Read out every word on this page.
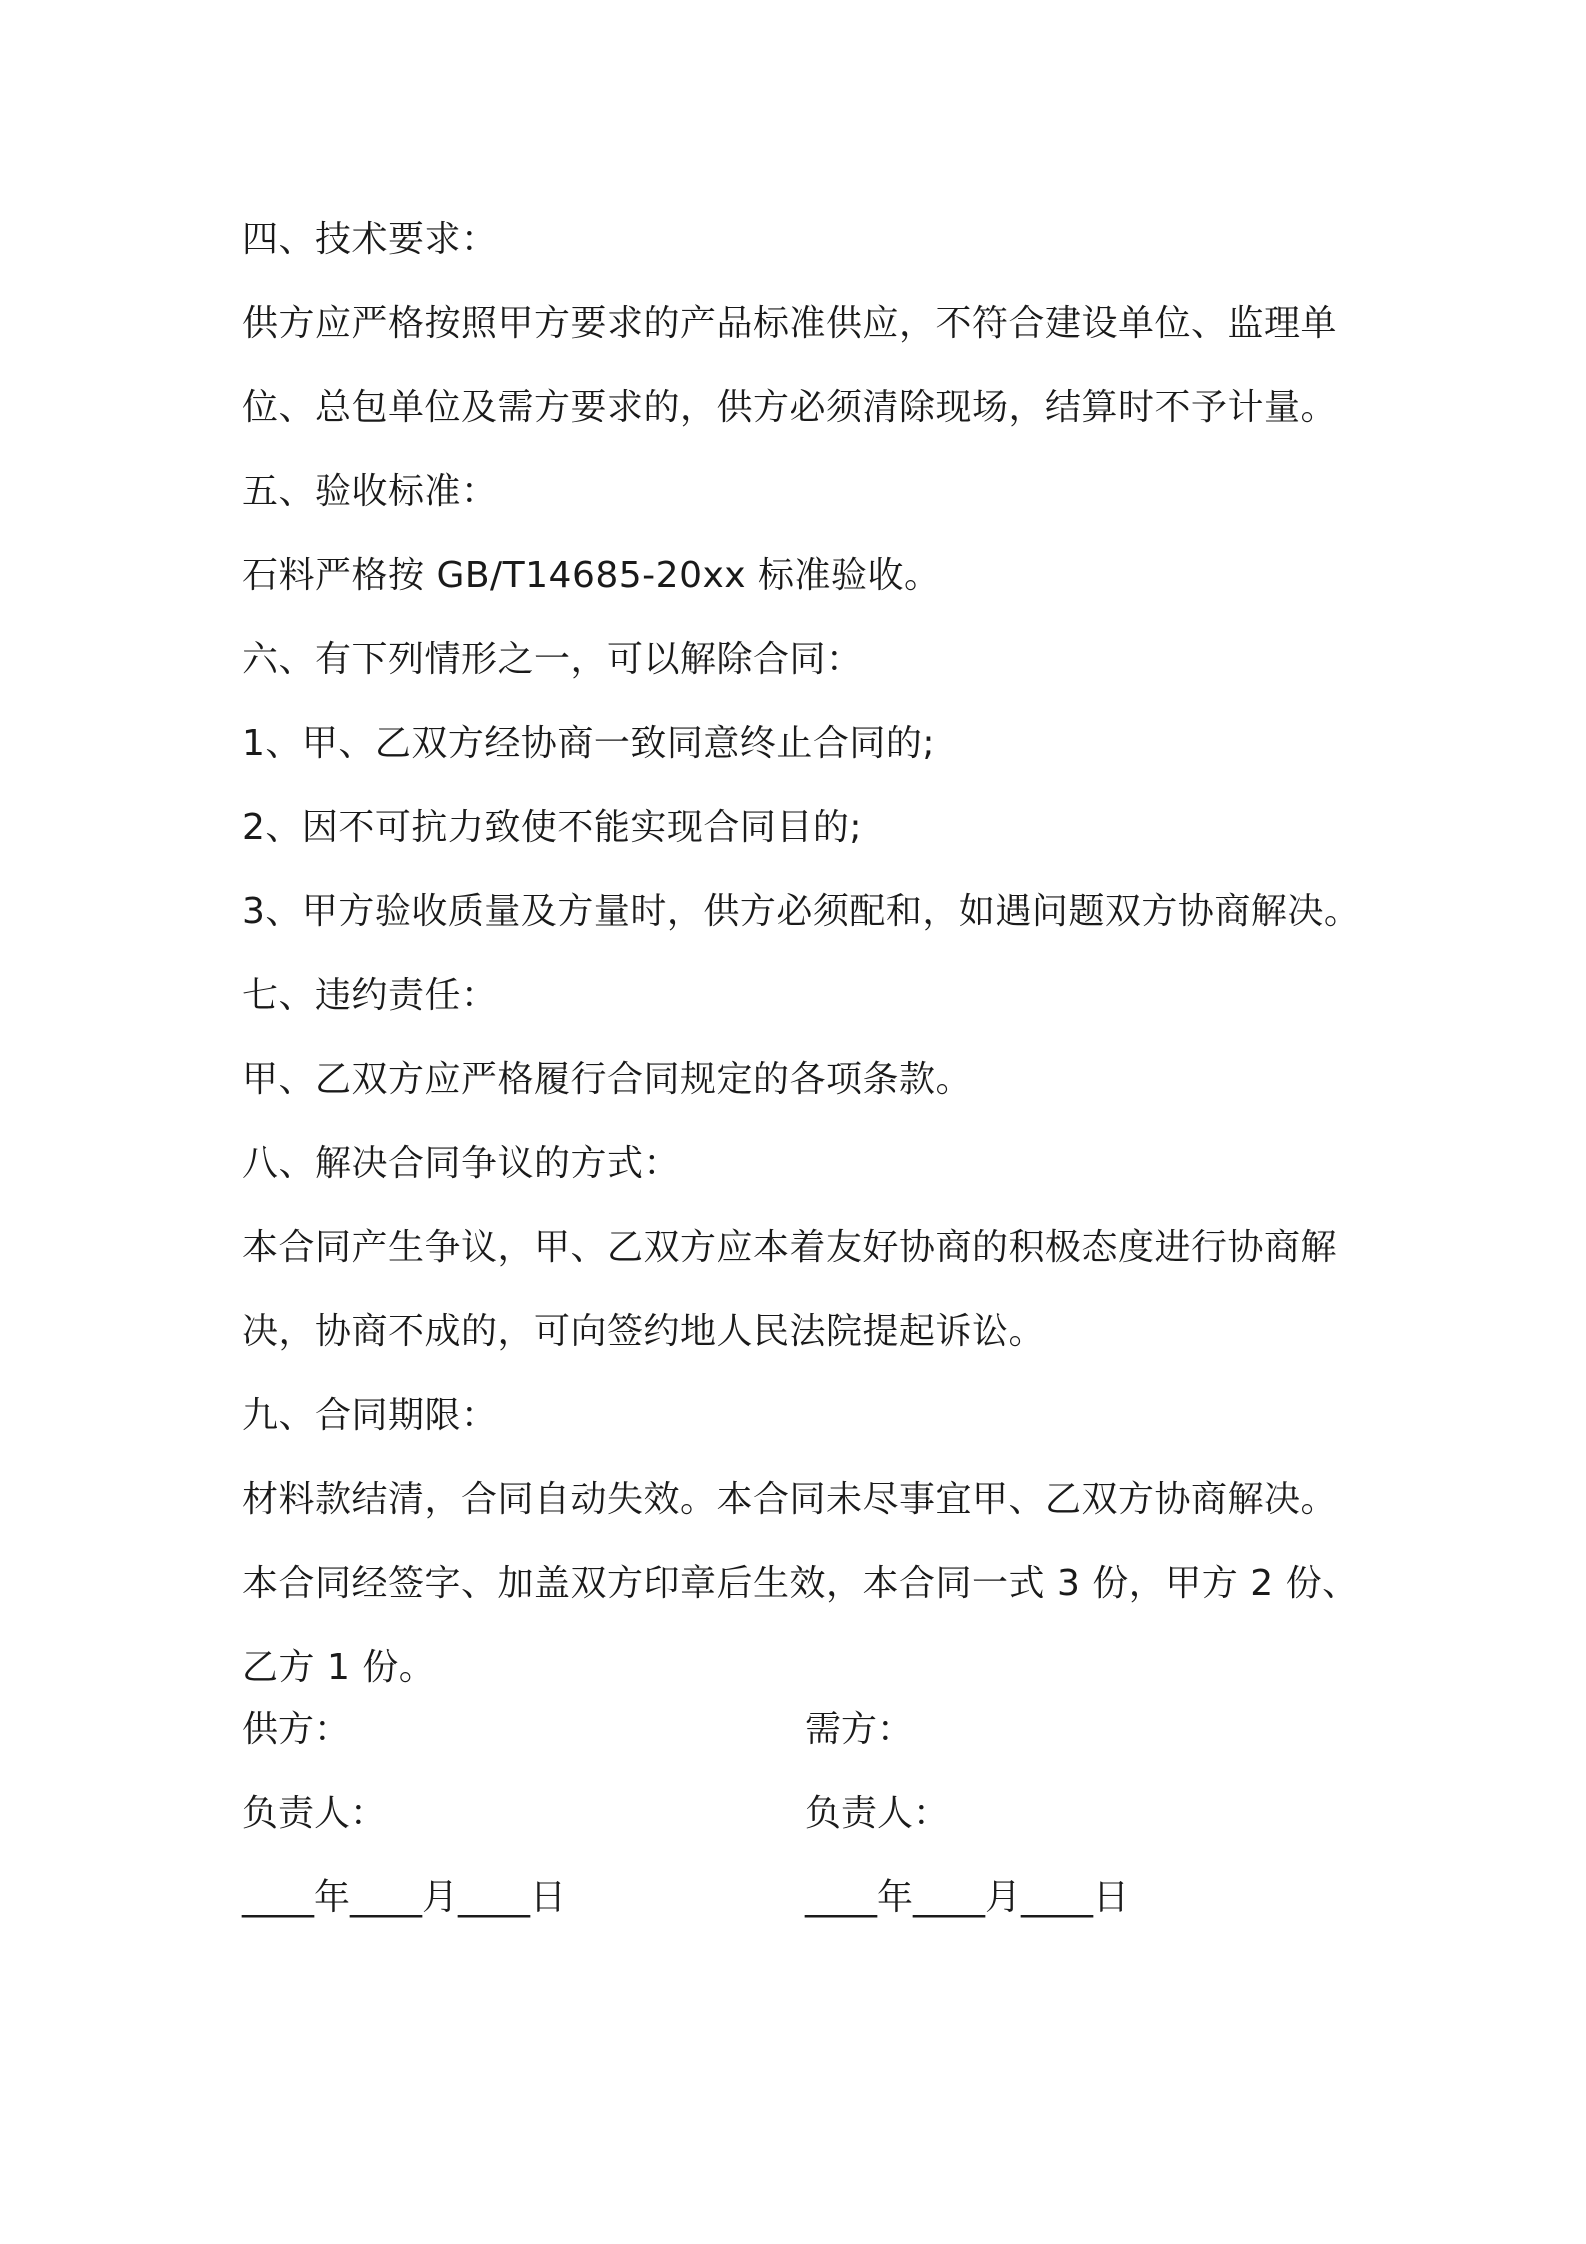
四、技术要求：
供方应严格按照甲方要求的产品标准供应，不符合建设单位、监理单
位、总包单位及需方要求的，供方必须清除现场，结算时不予计量。
五、验收标准：
石料严格按 GB/T14685-20xx 标准验收。
六、有下列情形之一，可以解除合同：
1、甲、乙双方经协商一致同意终止合同的;
2、因不可抗力致使不能实现合同目的;
3、甲方验收质量及方量时，供方必须配和，如遇问题双方协商解决。
七、违约责任：
甲、乙双方应严格履行合同规定的各项条款。
八、解决合同争议的方式：
本合同产生争议，甲、乙双方应本着友好协商的积极态度进行协商解
决，协商不成的，可向签约地人民法院提起诉讼。
九、合同期限：
材料款结清，合同自动失效。本合同未尽事宜甲、乙双方协商解决。
本合同经签字、加盖双方印章后生效，本合同一式 3 份，甲方 2 份、
乙方 1 份。
供方：	需方：
负责人：	负责人：
____年____月____日	____年____月____日
